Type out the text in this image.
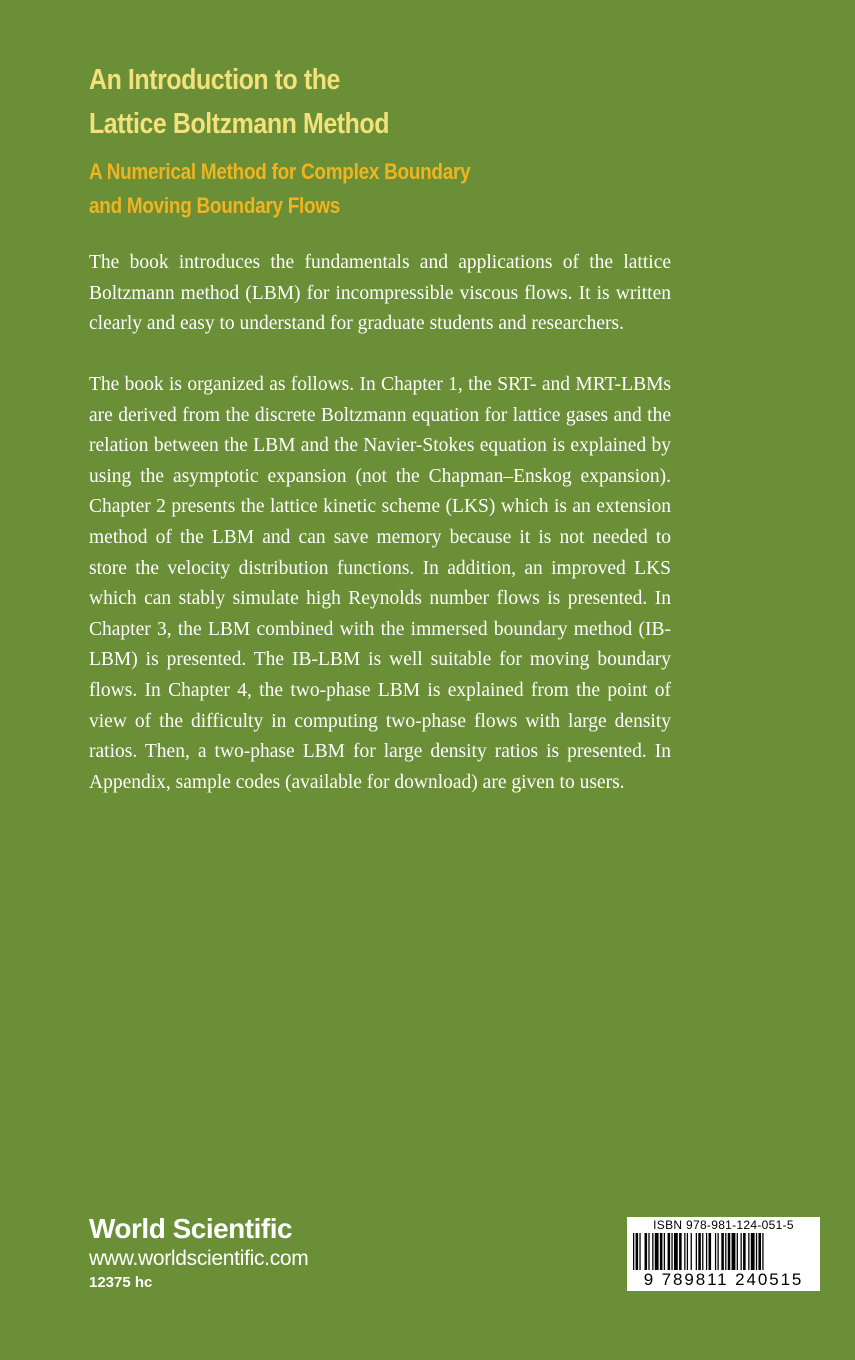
An Introduction to the
Lattice Boltzmann Method
A Numerical Method for Complex Boundary
and Moving Boundary Flows

The book introduces the fundamentals and applications of the lattice Boltzmann method (LBM) for incompressible viscous flows. It is written clearly and easy to understand for graduate students and researchers.

The book is organized as follows. In Chapter 1, the SRT- and MRT-LBMs are derived from the discrete Boltzmann equation for lattice gases and the relation between the LBM and the Navier-Stokes equation is explained by using the asymptotic expansion (not the Chapman–Enskog expansion). Chapter 2 presents the lattice kinetic scheme (LKS) which is an extension method of the LBM and can save memory because it is not needed to store the velocity distribution functions. In addition, an improved LKS which can stably simulate high Reynolds number flows is presented. In Chapter 3, the LBM combined with the immersed boundary method (IB-LBM) is presented. The IB-LBM is well suitable for moving boundary flows. In Chapter 4, the two-phase LBM is explained from the point of view of the difficulty in computing two-phase flows with large density ratios. Then, a two-phase LBM for large density ratios is presented. In Appendix, sample codes (available for download) are given to users.

World Scientific
www.worldscientific.com
12375 hc
ISBN 978-981-124-051-5
9 789811 240515
